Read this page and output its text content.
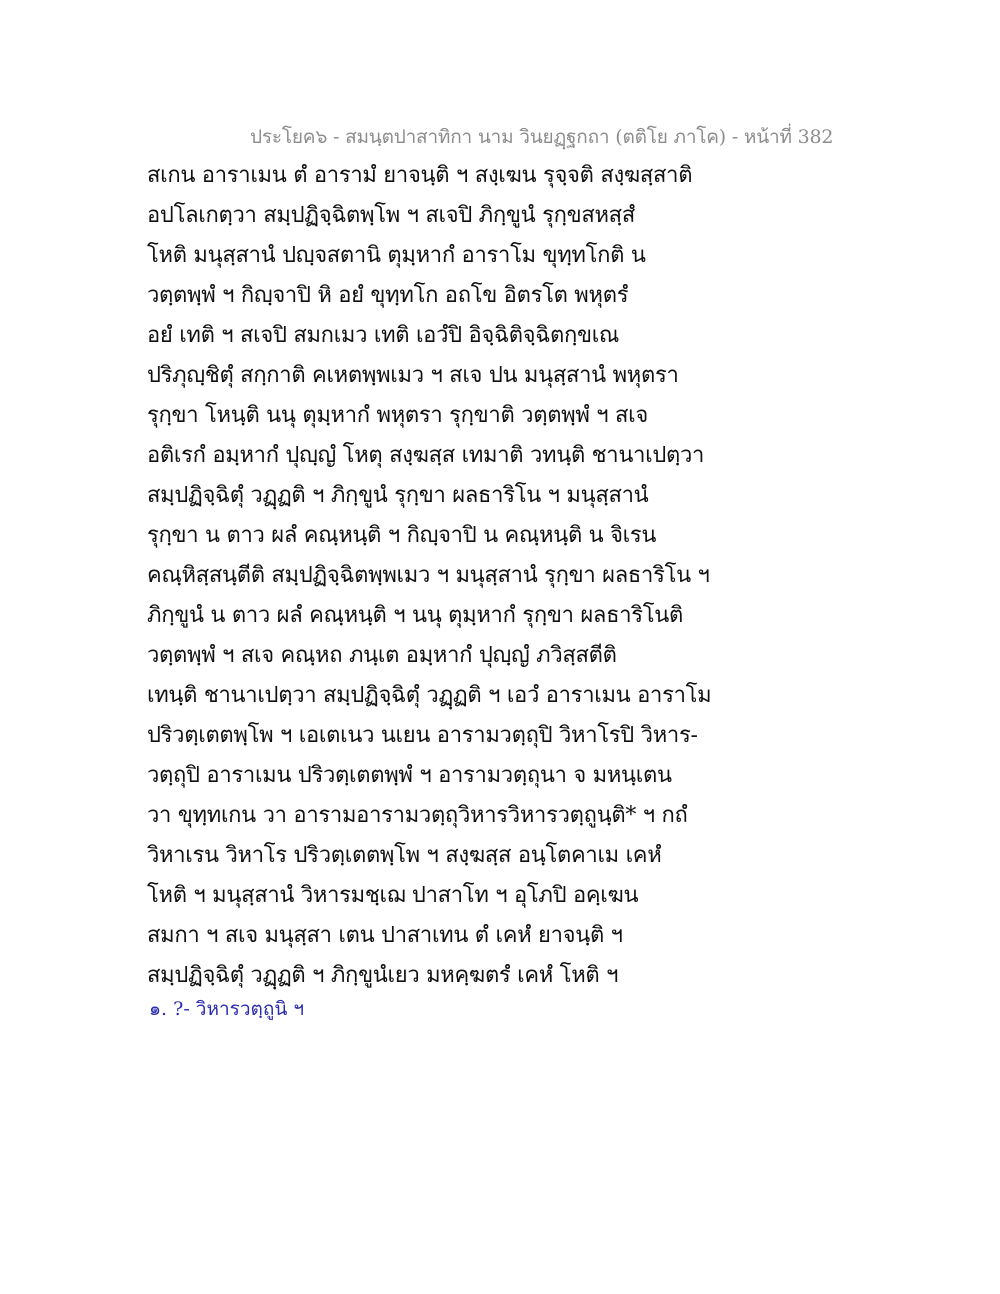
ประโยค๖ - สมนฺตปาสาทิกา นาม วินยฏฺฐกถา (ตติโย ภาโค) - หน้าที่ 382
สเกน อาราเมน ตํ อารามํ ยาจนฺติ ฯ สงฺเฆน รุจฺจติ สงฺฆสฺสาติ
อปโลเกตฺวา สมฺปฏิจฺฉิตพฺโพ ฯ สเจปิ ภิกฺขูนํ รุกฺขสหสฺสํ
โหติ มนุสฺสานํ ปญฺจสตานิ ตุมฺหากํ อาราโม ขุทฺทโกติ น
วตฺตพฺพํ ฯ กิญฺจาปิ หิ อยํ ขุทฺทโก อถโข อิตรโต พหุตรํ
อยํ เทติ ฯ สเจปิ สมกเมว เทติ เอวํปิ อิจฺฉิติจฺฉิตกฺขเณ
ปริภุญฺชิตุํ สกฺกาติ คเหตพฺพเมว ฯ สเจ ปน มนุสฺสานํ พหุตรา
รุกฺขา โหนฺติ นนุ ตุมฺหากํ พหุตรา รุกฺขาติ วตฺตพฺพํ ฯ สเจ
อติเรกํ อมฺหากํ ปุญฺญํ โหตุ สงฺฆสฺส เทมาติ วทนฺติ ชานาเปตฺวา
สมฺปฏิจฺฉิตุํ วฏฺฏติ ฯ ภิกฺขูนํ รุกฺขา ผลธาริโน ฯ มนุสฺสานํ
รุกฺขา น ตาว ผลํ คณฺหนฺติ ฯ กิญฺจาปิ น คณฺหนฺติ น จิเรน
คณฺหิสฺสนฺตีติ สมฺปฏิจฺฉิตพฺพเมว ฯ มนุสฺสานํ รุกฺขา ผลธาริโน ฯ
ภิกฺขูนํ น ตาว ผลํ คณฺหนฺติ ฯ นนุ ตุมฺหากํ รุกฺขา ผลธาริโนติ
วตฺตพฺพํ ฯ สเจ คณฺหถ ภนฺเต อมฺหากํ ปุญฺญํ ภวิสฺสตีติ
เทนฺติ ชานาเปตฺวา สมฺปฏิจฺฉิตุํ วฏฺฏติ ฯ เอวํ อาราเมน อาราโม
ปริวตฺเตตพฺโพ ฯ เอเตเนว นเยน อารามวตฺถุปิ วิหาโรปิ วิหาร-
วตฺถุปิ อาราเมน ปริวตฺเตตพฺพํ ฯ อารามวตฺถุนา จ มหนฺเตน
วา ขุทฺทเกน วา อารามอารามวตฺถุวิหารวิหารวตฺถูนฺติ* ฯ กถํ
วิหาเรน วิหาโร ปริวตฺเตตพฺโพ ฯ สงฺฆสฺส อนฺโตคาเม เคหํ
โหติ ฯ มนุสฺสานํ วิหารมชฺเฌ ปาสาโท ฯ อุโภปิ อคฺเฆน
สมกา ฯ สเจ มนุสฺสา เตน ปาสาเทน ตํ เคหํ ยาจนฺติ ฯ
สมฺปฏิจฺฉิตุํ วฏฺฏติ ฯ ภิกฺขูนํเยว มหคฺฆตรํ เคหํ โหติ ฯ
๑. ?- วิหารวตฺถูนิ ฯ
